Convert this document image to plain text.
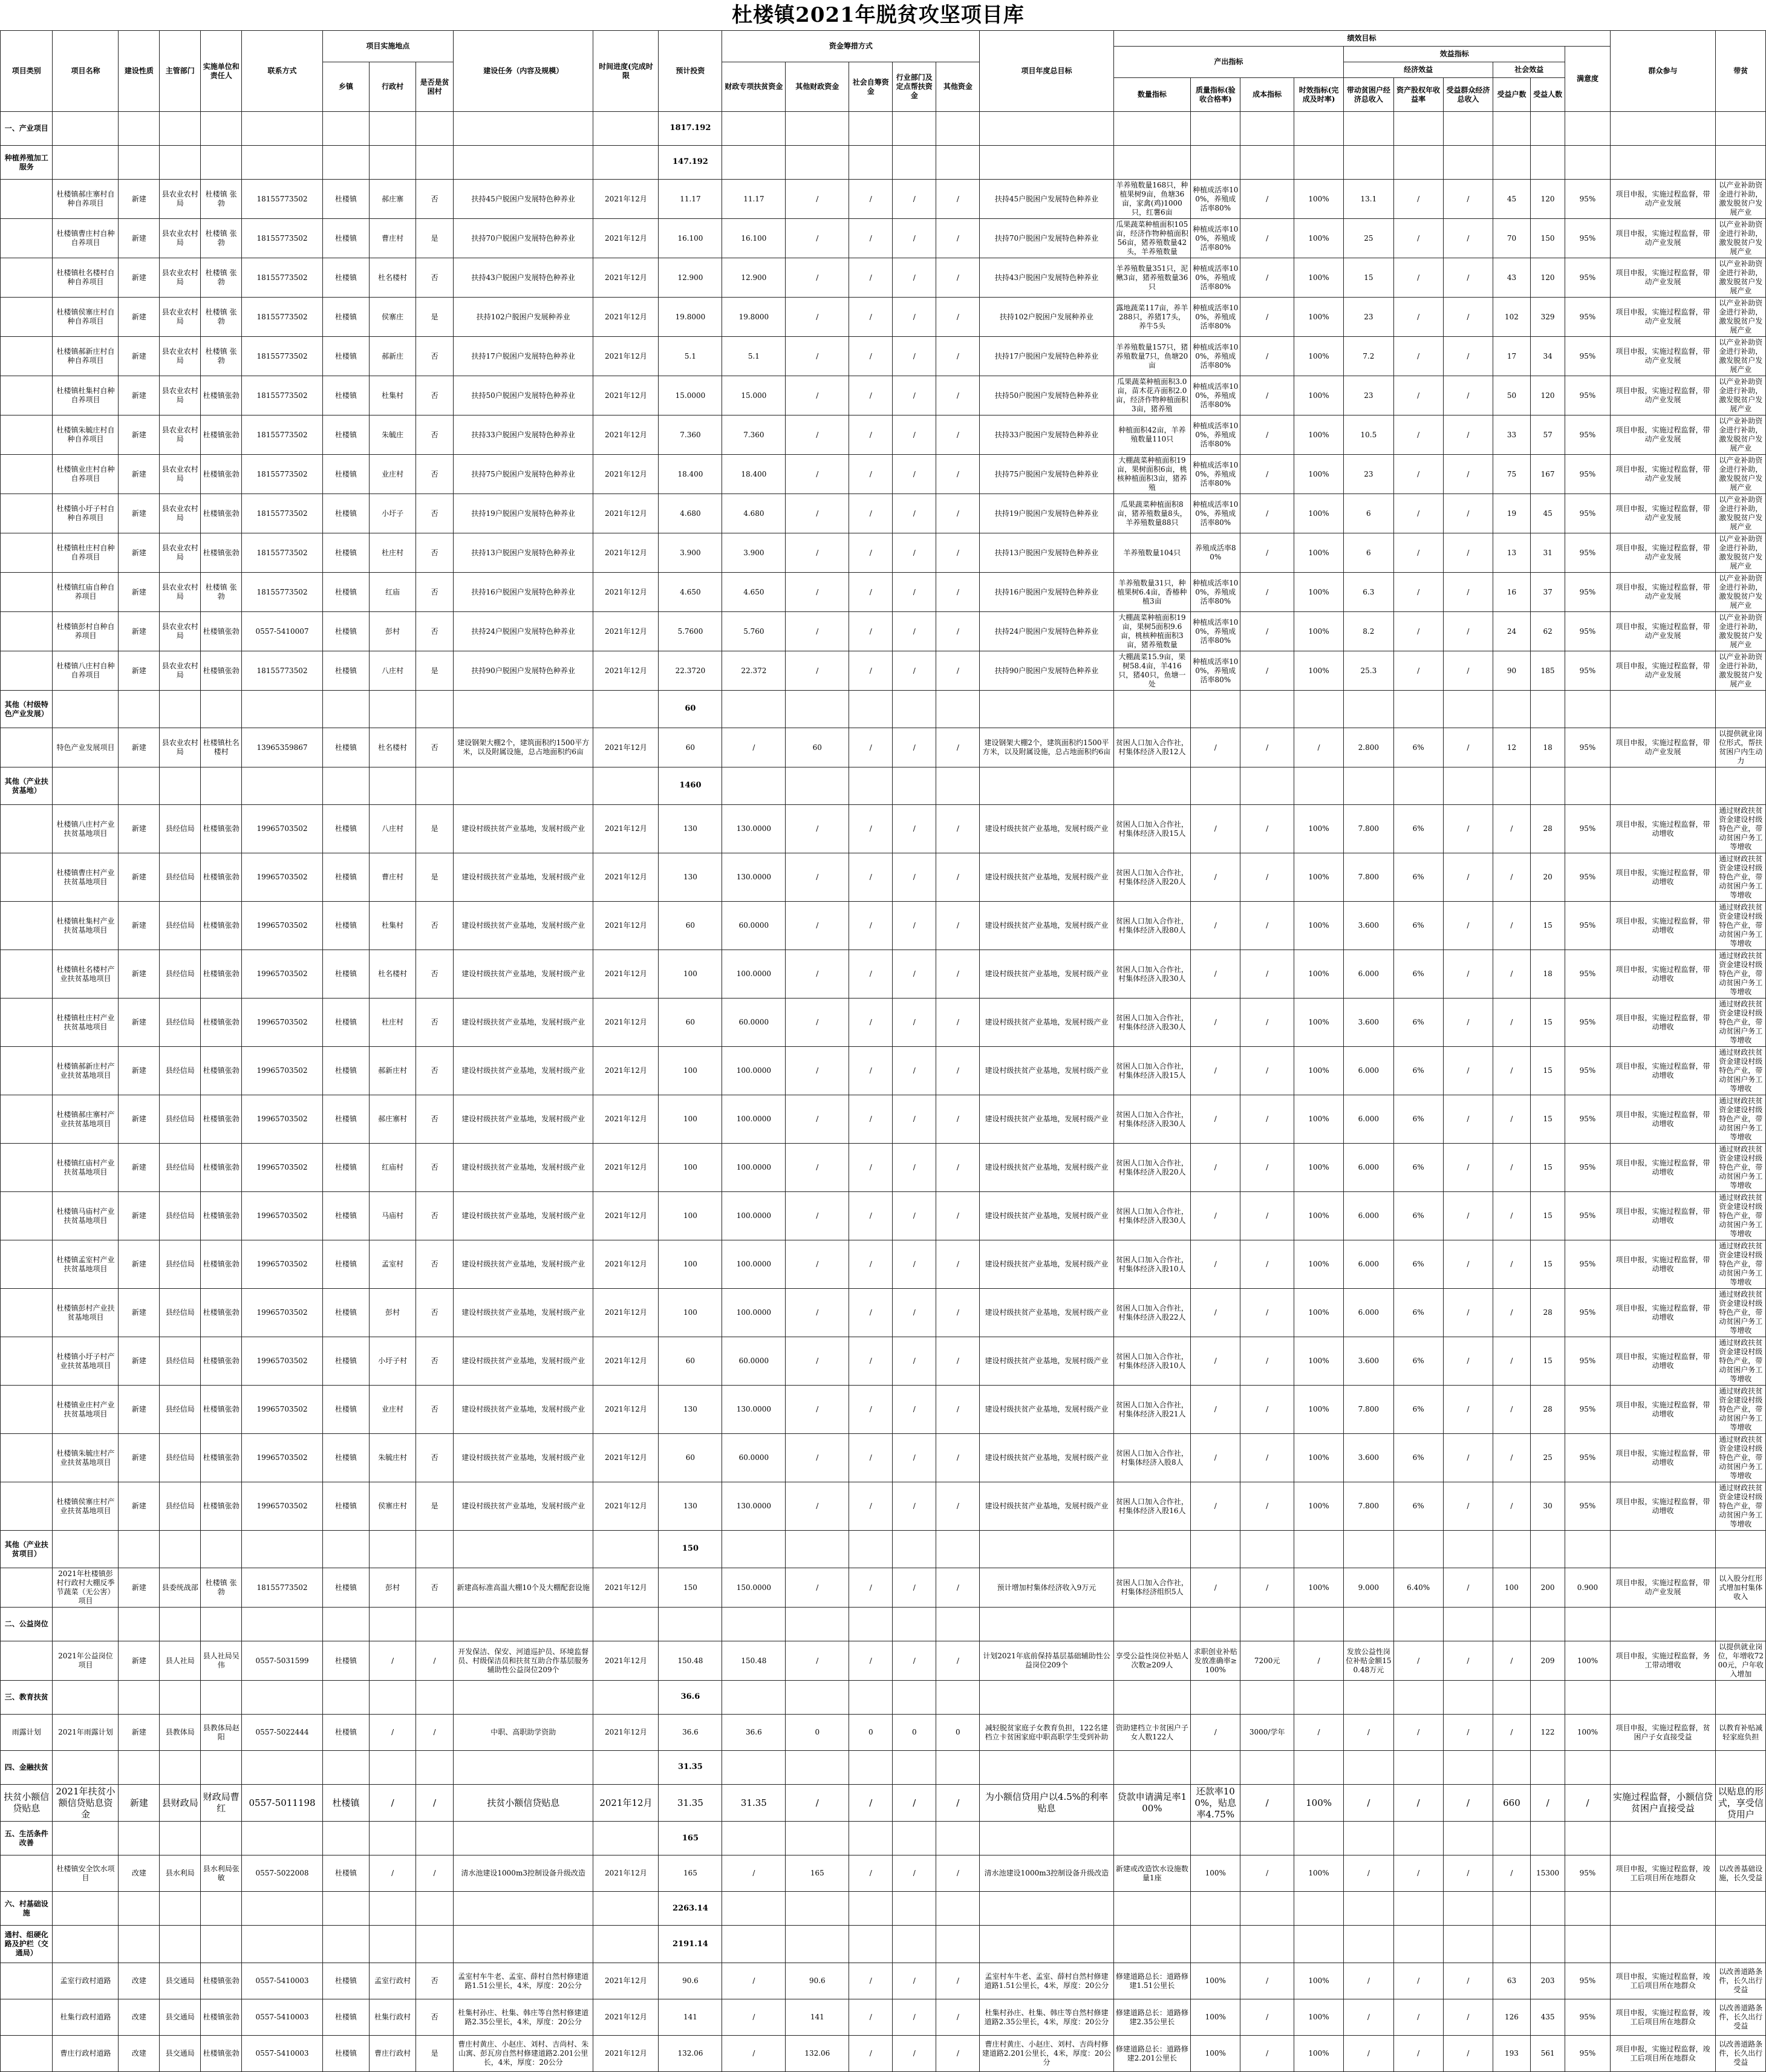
杜楼镇2021年脱贫攻坚项目库
项目类别	项目名称	建设性质	主管部门	实施单位和责任人	联系方式	项目实施地点			建设任务（内容及规模）	时间进度(完成时限	预计投资	资金筹措方式					项目年度总目标	绩效目标										群众参与	带贫
																		产出指标				效益指标					满意度		
						乡镇	行政村	是否是贫困村				财政专项扶贫资金	其他财政资金	社会自筹资金	行业部门及定点帮扶资金	其他资金						经济效益			社会效益				
																		数量指标	质量指标(验收合格率)	成本指标	时效指标(完成及时率)	带动贫困户经济总收入	资产股权年收益率	受益群众经济总收入	受益户数	受益人数			
一、产业项目											1817.192																		
种植养殖加工服务											147.192																		
	杜楼镇郝庄寨村自种自养项目	新建	县农业农村局	杜楼镇 张勃	18155773502	杜楼镇	郝庄寨	否	扶持45户脱困户发展特色种养业	2021年12月	11.17	11.17	/	/	/	/	扶持45户脱困户发展特色种养业	羊养殖数量168只，种植果树9亩，鱼塘36亩，家禽(鸡)1000只，红薯6亩	种植成活率100%，养殖成活率80%	/	100%	13.1	/	/	45	120	95%	项目申报，实施过程监督，带动产业发展	以产业补助资金进行补助，激发脱贫户发展产业
	杜楼镇曹庄村自种自养项目	新建	县农业农村局	杜楼镇 张勃	18155773502	杜楼镇	曹庄村	是	扶持70户脱困户发展特色种养业	2021年12月	16.100	16.100	/	/	/	/	扶持70户脱困户发展特色种养业	瓜果蔬菜种植面积105亩，经济作物种植面积56亩，猪养殖数量42头，羊养殖数量	种植成活率100%，养殖成活率80%	/	100%	25	/	/	70	150	95%	项目申报，实施过程监督，带动产业发展	以产业补助资金进行补助，激发脱贫户发展产业
	杜楼镇杜名楼村自种自养项目	新建	县农业农村局	杜楼镇 张勃	18155773502	杜楼镇	杜名楼村	否	扶持43户脱困户发展特色种养业	2021年12月	12.900	12.900	/	/	/	/	扶持43户脱困户发展特色种养业	羊养殖数量351只，泥鳅3亩，猪养殖数量36只	种植成活率100%，养殖成活率80%	/	100%	15	/	/	43	120	95%	项目申报，实施过程监督，带动产业发展	以产业补助资金进行补助，激发脱贫户发展产业
	杜楼镇侯寨庄村自种自养项目	新建	县农业农村局	杜楼镇 张勃	18155773502	杜楼镇	侯寨庄	是	扶持102户脱困户发展种养业	2021年12月	19.8000	19.8000	/	/	/	/	扶持102户脱困户发展种养业	露地蔬菜117亩，养羊288只，养猪17头，养牛5头	种植成活率100%，养殖成活率80%	/	100%	23	/	/	102	329	95%	项目申报，实施过程监督，带动产业发展	以产业补助资金进行补助，激发脱贫户发展产业
	杜楼镇郝新庄村自种自养项目	新建	县农业农村局	杜楼镇 张勃	18155773502	杜楼镇	郝新庄	否	扶持17户脱困户发展特色种养业	2021年12月	5.1	5.1	/	/	/	/	扶持17户脱困户发展特色种养业	羊养殖数量157只，猪养殖数量7只，鱼塘20亩	种植成活率100%，养殖成活率80%	/	100%	7.2	/	/	17	34	95%	项目申报，实施过程监督，带动产业发展	以产业补助资金进行补助，激发脱贫户发展产业
	杜楼镇杜集村自种自养项目	新建	县农业农村局	杜楼镇张勃	18155773502	杜楼镇	杜集村	否	扶持50户脱困户发展特色种养业	2021年12月	15.0000	15.000	/	/	/	/	扶持50户脱困户发展特色种养业	瓜果蔬菜种植面积3.0亩，苗木花卉面积2.0亩，经济作物种植面积3亩，猪养殖	种植成活率100%，养殖成活率80%	/	100%	23	/	/	50	120	95%	项目申报，实施过程监督，带动产业发展	以产业补助资金进行补助，激发脱贫户发展产业
	杜楼镇朱毓庄村自种自养项目	新建	县农业农村局	杜楼镇张勃	18155773502	杜楼镇	朱毓庄	否	扶持33户脱困户发展特色种养业	2021年12月	7.360	7.360	/	/	/	/	扶持33户脱困户发展特色种养业	种植面积42亩，羊养殖数量110只	种植成活率100%，养殖成活率80%	/	100%	10.5	/	/	33	57	95%	项目申报，实施过程监督，带动产业发展	以产业补助资金进行补助，激发脱贫户发展产业
	杜楼镇业庄村自种自养项目	新建	县农业农村局	杜楼镇张勃	18155773502	杜楼镇	业庄村	否	扶持75户脱困户发展特色种养业	2021年12月	18.400	18.400	/	/	/	/	扶持75户脱困户发展特色种养业	大棚蔬菜种植面积19亩，果树面积6亩，桃核种植面积3亩，猪养殖	种植成活率100%，养殖成活率80%	/	100%	23	/	/	75	167	95%	项目申报，实施过程监督，带动产业发展	以产业补助资金进行补助，激发脱贫户发展产业
	杜楼镇小圩子村自种自养项目	新建	县农业农村局	杜楼镇张勃	18155773502	杜楼镇	小圩子	否	扶持19户脱困户发展特色种养业	2021年12月	4.680	4.680	/	/	/	/	扶持19户脱困户发展特色种养业	瓜果蔬菜种植面积8亩，猪养殖数量8头，羊养殖数量88只	种植成活率100%，养殖成活率80%	/	100%	6	/	/	19	45	95%	项目申报，实施过程监督，带动产业发展	以产业补助资金进行补助，激发脱贫户发展产业
	杜楼镇杜庄村自种自养项目	新建	县农业农村局	杜楼镇张勃	18155773502	杜楼镇	杜庄村	否	扶持13户脱困户发展特色种养业	2021年12月	3.900	3.900	/	/	/	/	扶持13户脱困户发展特色种养业	羊养殖数量104只	养殖成活率80%	/	100%	6	/	/	13	31	95%	项目申报，实施过程监督，带动产业发展	以产业补助资金进行补助，激发脱贫户发展产业
	杜楼镇红庙自种自养项目	新建	县农业农村局	杜楼镇 张勃	18155773502	杜楼镇	红庙	否	扶持16户脱困户发展特色种养业	2021年12月	4.650	4.650	/	/	/	/	扶持16户脱困户发展特色种养业	羊养殖数量31只，种植果树6.4亩，香椿种植3亩	种植成活率100%，养殖成活率80%	/	100%	6.3	/	/	16	37	95%	项目申报，实施过程监督，带动产业发展	以产业补助资金进行补助，激发脱贫户发展产业
	杜楼镇彭村自种自养项目	新建	县农业农村局	杜楼镇张勃	0557-5410007	杜楼镇	彭村	否	扶持24户脱困户发展特色种养业	2021年12月	5.7600	5.760	/	/	/	/	扶持24户脱困户发展特色种养业	大棚蔬菜种植面积19亩，果树5面积9.6亩，桃核种植面积3亩，猪养殖数量	种植成活率100%，养殖成活率80%	/	100%	8.2	/	/	24	62	95%	项目申报，实施过程监督，带动产业发展	以产业补助资金进行补助，激发脱贫户发展产业
	杜楼镇八庄村自种自养项目	新建	县农业农村局	杜楼镇张勃	18155773502	杜楼镇	八庄村	是	扶持90户脱困户发展特色种养业	2021年12月	22.3720	22.372	/	/	/	/	扶持90户脱困户发展特色种养业	大棚蔬菜15.9亩，果树58.4亩，羊416只，猪40只，鱼塘一处	种植成活率100%，养殖成活率80%	/	100%	25.3	/	/	90	185	95%	项目申报，实施过程监督，带动产业发展	以产业补助资金进行补助，激发脱贫户发展产业
其他（村级特色产业发展）											60																		
	特色产业发展项目	新建	县农业农村局	杜楼镇杜名楼村	13965359867	杜楼镇	杜名楼村	否	建设钢架大棚2个，建筑面积约1500平方米，以及附属设施，总占地面积约6亩	2021年12月	60	/	60	/	/	/	建设钢架大棚2个，建筑面积约1500平方米，以及附属设施，总占地面积约6亩	贫困人口加入合作社，村集体经济入股12人	/	/	/	2.800	6%	/	12	18	95%	项目申报，实施过程监督，带动产业发展	以提供就业岗位形式，帮扶贫困户内生动力
其他（产业扶贫基地）											1460																		
	杜楼镇八庄村产业扶贫基地项目	新建	县经信局	杜楼镇张勃	19965703502	杜楼镇	八庄村	是	建设村级扶贫产业基地，发展村级产业	2021年12月	130	130.0000	/	/	/	/	建设村级扶贫产业基地，发展村级产业	贫困人口加入合作社，村集体经济入股15人	/	/	100%	7.800	6%	/	/	28	95%	项目申报，实施过程监督，带动增收	通过财政扶贫资金建设村级特色产业，带动贫困户务工等增收
	杜楼镇曹庄村产业扶贫基地项目	新建	县经信局	杜楼镇张勃	19965703502	杜楼镇	曹庄村	是	建设村级扶贫产业基地，发展村级产业	2021年12月	130	130.0000	/	/	/	/	建设村级扶贫产业基地，发展村级产业	贫困人口加入合作社，村集体经济入股20人	/	/	100%	7.800	6%	/	/	20	95%	项目申报，实施过程监督，带动增收	通过财政扶贫资金建设村级特色产业，带动贫困户务工等增收
	杜楼镇杜集村产业扶贫基地项目	新建	县经信局	杜楼镇张勃	19965703502	杜楼镇	杜集村	否	建设村级扶贫产业基地，发展村级产业	2021年12月	60	60.0000	/	/	/	/	建设村级扶贫产业基地，发展村级产业	贫困人口加入合作社，村集体经济入股80人	/	/	100%	3.600	6%	/	/	15	95%	项目申报，实施过程监督，带动增收	通过财政扶贫资金建设村级特色产业，带动贫困户务工等增收
	杜楼镇杜名楼村产业扶贫基地项目	新建	县经信局	杜楼镇张勃	19965703502	杜楼镇	杜名楼村	否	建设村级扶贫产业基地，发展村级产业	2021年12月	100	100.0000	/	/	/	/	建设村级扶贫产业基地，发展村级产业	贫困人口加入合作社，村集体经济入股30人	/	/	100%	6.000	6%	/	/	18	95%	项目申报，实施过程监督，带动增收	通过财政扶贫资金建设村级特色产业，带动贫困户务工等增收
	杜楼镇杜庄村产业扶贫基地项目	新建	县经信局	杜楼镇张勃	19965703502	杜楼镇	杜庄村	否	建设村级扶贫产业基地，发展村级产业	2021年12月	60	60.0000	/	/	/	/	建设村级扶贫产业基地，发展村级产业	贫困人口加入合作社，村集体经济入股30人	/	/	100%	3.600	6%	/	/	15	95%	项目申报，实施过程监督，带动增收	通过财政扶贫资金建设村级特色产业，带动贫困户务工等增收
	杜楼镇郝新庄村产业扶贫基地项目	新建	县经信局	杜楼镇张勃	19965703502	杜楼镇	郝新庄村	否	建设村级扶贫产业基地，发展村级产业	2021年12月	100	100.0000	/	/	/	/	建设村级扶贫产业基地，发展村级产业	贫困人口加入合作社，村集体经济入股15人	/	/	100%	6.000	6%	/	/	15	95%	项目申报，实施过程监督，带动增收	通过财政扶贫资金建设村级特色产业，带动贫困户务工等增收
	杜楼镇郝庄寨村产业扶贫基地项目	新建	县经信局	杜楼镇张勃	19965703502	杜楼镇	郝庄寨村	否	建设村级扶贫产业基地，发展村级产业	2021年12月	100	100.0000	/	/	/	/	建设村级扶贫产业基地，发展村级产业	贫困人口加入合作社，村集体经济入股30人	/	/	100%	6.000	6%	/	/	15	95%	项目申报，实施过程监督，带动增收	通过财政扶贫资金建设村级特色产业，带动贫困户务工等增收
	杜楼镇红庙村产业扶贫基地项目	新建	县经信局	杜楼镇张勃	19965703502	杜楼镇	红庙村	否	建设村级扶贫产业基地，发展村级产业	2021年12月	100	100.0000	/	/	/	/	建设村级扶贫产业基地，发展村级产业	贫困人口加入合作社，村集体经济入股20人	/	/	100%	6.000	6%	/	/	15	95%	项目申报，实施过程监督，带动增收	通过财政扶贫资金建设村级特色产业，带动贫困户务工等增收
	杜楼镇马庙村产业扶贫基地项目	新建	县经信局	杜楼镇张勃	19965703502	杜楼镇	马庙村	否	建设村级扶贫产业基地，发展村级产业	2021年12月	100	100.0000	/	/	/	/	建设村级扶贫产业基地，发展村级产业	贫困人口加入合作社，村集体经济入股30人	/	/	100%	6.000	6%	/	/	15	95%	项目申报，实施过程监督，带动增收	通过财政扶贫资金建设村级特色产业，带动贫困户务工等增收
	杜楼镇孟室村产业扶贫基地项目	新建	县经信局	杜楼镇张勃	19965703502	杜楼镇	孟室村	否	建设村级扶贫产业基地，发展村级产业	2021年12月	100	100.0000	/	/	/	/	建设村级扶贫产业基地，发展村级产业	贫困人口加入合作社，村集体经济入股10人	/	/	100%	6.000	6%	/	/	15	95%	项目申报，实施过程监督，带动增收	通过财政扶贫资金建设村级特色产业，带动贫困户务工等增收
	杜楼镇彭村产业扶贫基地项目	新建	县经信局	杜楼镇张勃	19965703502	杜楼镇	彭村	否	建设村级扶贫产业基地，发展村级产业	2021年12月	100	100.0000	/	/	/	/	建设村级扶贫产业基地，发展村级产业	贫困人口加入合作社，村集体经济入股22人	/	/	100%	6.000	6%	/	/	28	95%	项目申报，实施过程监督，带动增收	通过财政扶贫资金建设村级特色产业，带动贫困户务工等增收
	杜楼镇小圩子村产业扶贫基地项目	新建	县经信局	杜楼镇张勃	19965703502	杜楼镇	小圩子村	否	建设村级扶贫产业基地，发展村级产业	2021年12月	60	60.0000	/	/	/	/	建设村级扶贫产业基地，发展村级产业	贫困人口加入合作社，村集体经济入股10人	/	/	100%	3.600	6%	/	/	15	95%	项目申报，实施过程监督，带动增收	通过财政扶贫资金建设村级特色产业，带动贫困户务工等增收
	杜楼镇业庄村产业扶贫基地项目	新建	县经信局	杜楼镇张勃	19965703502	杜楼镇	业庄村	否	建设村级扶贫产业基地，发展村级产业	2021年12月	130	130.0000	/	/	/	/	建设村级扶贫产业基地，发展村级产业	贫困人口加入合作社，村集体经济入股21人	/	/	100%	7.800	6%	/	/	28	95%	项目申报，实施过程监督，带动增收	通过财政扶贫资金建设村级特色产业，带动贫困户务工等增收
	杜楼镇朱毓庄村产业扶贫基地项目	新建	县经信局	杜楼镇张勃	19965703502	杜楼镇	朱毓庄村	否	建设村级扶贫产业基地，发展村级产业	2021年12月	60	60.0000	/	/	/	/	建设村级扶贫产业基地，发展村级产业	贫困人口加入合作社，村集体经济入股8人	/	/	100%	3.600	6%	/	/	25	95%	项目申报，实施过程监督，带动增收	通过财政扶贫资金建设村级特色产业，带动贫困户务工等增收
	杜楼镇侯寨庄村产业扶贫基地项目	新建	县经信局	杜楼镇张勃	19965703502	杜楼镇	侯寨庄村	是	建设村级扶贫产业基地，发展村级产业	2021年12月	130	130.0000	/	/	/	/	建设村级扶贫产业基地，发展村级产业	贫困人口加入合作社，村集体经济入股16人	/	/	100%	7.800	6%	/	/	30	95%	项目申报，实施过程监督，带动增收	通过财政扶贫资金建设村级特色产业，带动贫困户务工等增收
其他（产业扶贫项目）											150																		
	2021年杜楼镇彭村行政村大棚反季节蔬菜（无公害）项目	新建	县委统战部	杜楼镇 张勃	18155773502	杜楼镇	彭村	否	新建高标准高温大棚10个及大棚配套设施	2021年12月	150	150.0000	/	/	/	/	预计增加村集体经济收入9万元	贫困人口加入合作社，村集体经济组织5人	/	/	100%	9.000	6.40%	/	100	200	0.900	项目申报，实施过程监督，带动产业发展	以入股分红形式增加村集体收入
二、公益岗位																													
	2021年公益岗位项目	新建	县人社局	县人社局吴伟	0557-5031599	杜楼镇	/	/	开发保洁、保安、河道巡护员、环境监督员、村级保洁员和扶贫互助合作基层服务辅助性公益岗位209个	2021年12月	150.48	150.48	/	/	/	/	计划2021年底前保持基层基础辅助性公益岗位209个	享受公益性岗位补贴人次数≥209人	求职创业补贴发放准确率≥100%	7200元	/	发放公益性岗位补贴金额150.48万元	/	/	/	209	100%	项目申报，实施过程监督，务工带动增收	以提供就业岗位，年增收7200元，户年收入增加
三、教育扶贫											36.6																		
雨露计划	2021年雨露计划	新建	县教体局	县教体局赵阳	0557-5022444	杜楼镇	/	/	中职、高职助学资助	2021年12月	36.6	36.6	0	0	0	0	减轻脱贫家庭子女教育负担，122名建档立卡贫困家庭中职高职学生受到补助	资助建档立卡贫困户子女人数122人	/	3000/学年	/	/	/	/	/	122	100%	项目申报，实施过程监督，贫困户子女直接受益	以教育补贴减轻家庭负担
四、金融扶贫											31.35																		
扶贫小额信贷贴息	2021年扶贫小额信贷贴息资金	新建	县财政局	财政局曹红	0557-5011198	杜楼镇	/	/	扶贫小额信贷贴息	2021年12月	31.35	31.35	/	/	/	/	为小额信贷用户以4.5%的利率贴息	贷款申请满足率100%	还款率100%，贴息率4.75%	/	100%	/	/	/	660	/	/	实施过程监督，小额信贷贫困户直接受益	以贴息的形式，享受信贷用户
五、生活条件改善											165																		
	杜楼镇安全饮水项目	改建	县水利局	县水利局张敏	0557-5022008	杜楼镇	/	/	清水池建设1000m3控制设备升级改造	2021年12月	165	/	165	/	/	/	清水池建设1000m3控制设备升级改造	新建或改造饮水设施数量1座	100%	/	100%	/	/	/	/	15300	95%	项目申报，实施过程监督，竣工后项目所在地群众	以改善基础设施，长久受益
六、村基础设施											2263.14																		
通村、组硬化路及护栏（交通局）											2191.14																		
	孟室行政村道路	改建	县交通局	杜楼镇张勃	0557-5410003	杜楼镇	孟室行政村	否	孟室村车牛老、孟室、薛村自然村修建道路1.51公里长，4米，厚度：20公分	2021年12月	90.6	/	90.6	/	/	/	孟室村车牛老、孟室、薛村自然村修建道路1.51公里长，4米，厚度：20公分	修建道路总长：道路修建1.51公里长	100%	/	100%	/	/	/	63	203	95%	项目申报，实施过程监督，竣工后项目所在地群众	以改善道路条件，长久出行受益
	杜集行政村道路	改建	县交通局	杜楼镇张勃	0557-5410003	杜楼镇	杜集行政村	否	杜集村孙庄、杜集、韩庄等自然村修建道路2.35公里长，4米，厚度：20公分	2021年12月	141	/	141	/	/	/	杜集村孙庄、杜集、韩庄等自然村修建道路2.35公里长，4米，厚度：20公分	修建道路总长：道路修建2.35公里长	100%	/	100%	/	/	/	126	435	95%	项目申报，实施过程监督，竣工后项目所在地群众	以改善道路条件，长久出行受益
	曹庄行政村道路	改建	县交通局	杜楼镇张勃	0557-5410003	杜楼镇	曹庄行政村	是	曹庄村黄庄、小赵庄、刘村、吉尚村、朱山寓、彭瓦房自然村修建道路2.201公里长，4米，厚度：20公分	2021年12月	132.06	/	132.06	/	/	/	曹庄村黄庄、小赵庄、刘村、吉尚村修建道路2.201公里长，4米，厚度：20公分	修建道路总长：道路修建2.201公里长	100%	/	100%	/	/	/	193	561	95%	项目申报，实施过程监督，竣工后项目所在地群众	以改善道路条件，长久出行受益
